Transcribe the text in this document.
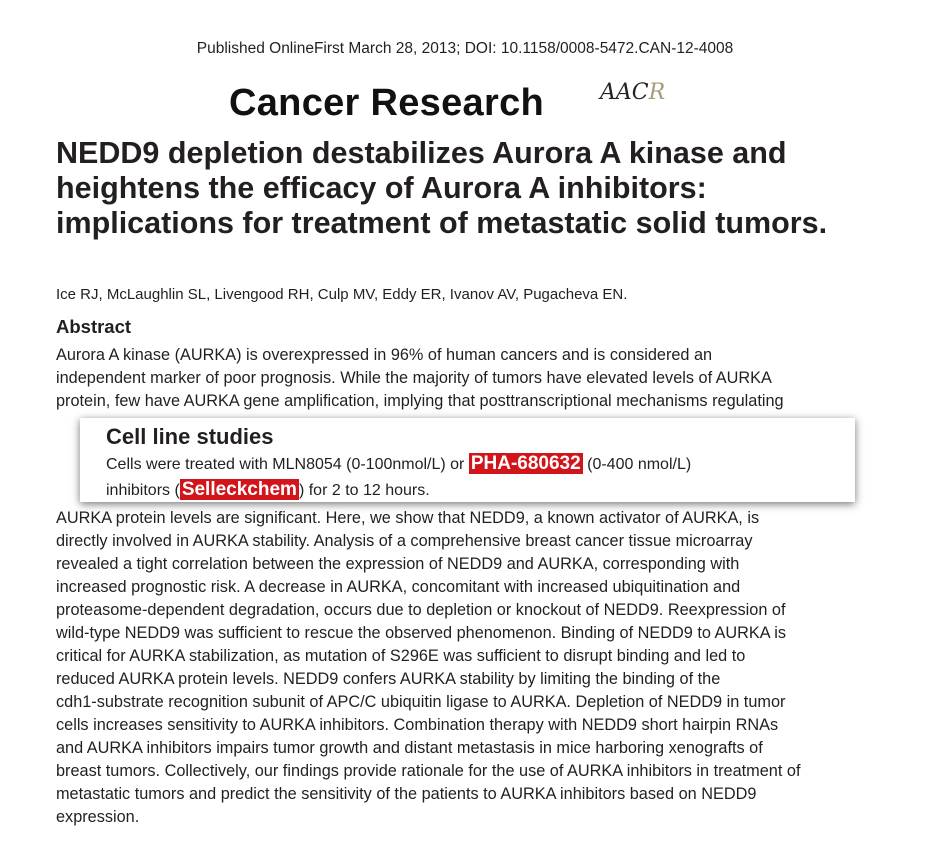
Published OnlineFirst March 28, 2013; DOI: 10.1158/0008-5472.CAN-12-4008
Cancer Research	AACR
NEDD9 depletion destabilizes Aurora A kinase and heightens the efficacy of Aurora A inhibitors: implications for treatment of metastatic solid tumors.
Ice RJ, McLaughlin SL, Livengood RH, Culp MV, Eddy ER, Ivanov AV, Pugacheva EN.
Abstract
Aurora A kinase (AURKA) is overexpressed in 96% of human cancers and is considered an
independent marker of poor prognosis. While the majority of tumors have elevated levels of AURKA
protein, few have AURKA gene amplification, implying that posttranscriptional mechanisms regulating
Cell line studies
Cells were treated with MLN8054 (0-100nmol/L) or PHA-680632 (0-400 nmol/L)
inhibitors ( Selleckchem ) for 2 to 12 hours.
AURKA protein levels are significant. Here, we show that NEDD9, a known activator of AURKA, is
directly involved in AURKA stability. Analysis of a comprehensive breast cancer tissue microarray
revealed a tight correlation between the expression of NEDD9 and AURKA, corresponding with
increased prognostic risk. A decrease in AURKA, concomitant with increased ubiquitination and
proteasome-dependent degradation, occurs due to depletion or knockout of NEDD9. Reexpression of
wild-type NEDD9 was sufficient to rescue the observed phenomenon. Binding of NEDD9 to AURKA is
critical for AURKA stabilization, as mutation of S296E was sufficient to disrupt binding and led to
reduced AURKA protein levels. NEDD9 confers AURKA stability by limiting the binding of the
cdh1-substrate recognition subunit of APC/C ubiquitin ligase to AURKA. Depletion of NEDD9 in tumor
cells increases sensitivity to AURKA inhibitors. Combination therapy with NEDD9 short hairpin RNAs
and AURKA inhibitors impairs tumor growth and distant metastasis in mice harboring xenografts of
breast tumors. Collectively, our findings provide rationale for the use of AURKA inhibitors in treatment of
metastatic tumors and predict the sensitivity of the patients to AURKA inhibitors based on NEDD9
expression.
